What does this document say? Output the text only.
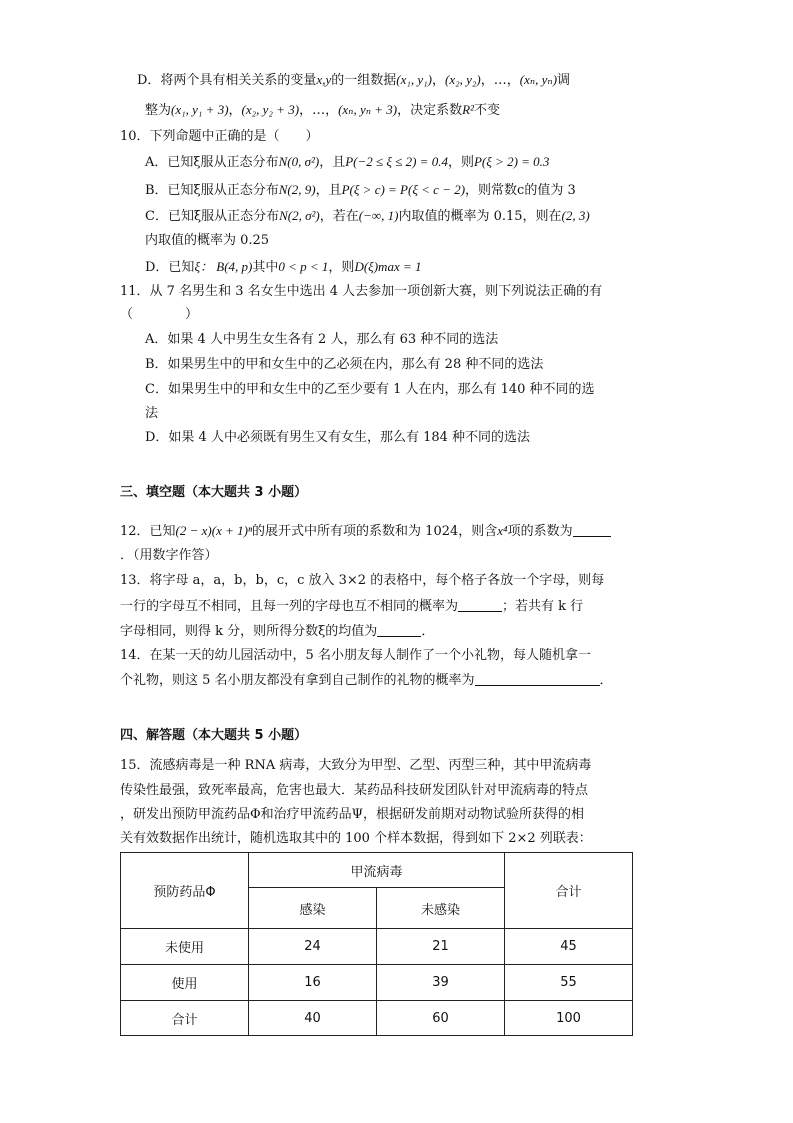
D．将两个具有相关关系的变量x,y的一组数据(x₁, y₁)，(x₂, y₂)，…，(xₙ, yₙ)调
整为(x₁, y₁ + 3)，(x₂, y₂ + 3)，…，(xₙ, yₙ + 3)，决定系数R²不变
10．下列命题中正确的是（　　）
A．已知ξ服从正态分布N(0, σ²)，且P(−2 ≤ ξ ≤ 2) = 0.4，则P(ξ > 2) = 0.3
B．已知ξ服从正态分布N(2, 9)，且P(ξ > c) = P(ξ < c − 2)，则常数c的值为 3
C．已知ξ服从正态分布N(2, σ²)，若在(−∞, 1)内取值的概率为 0.15，则在(2, 3)
内取值的概率为 0.25
D．已知ξ： B(4, p)其中0 < p < 1，则D(ξ)max = 1
11．从 7 名男生和 3 名女生中选出 4 人去参加一项创新大赛，则下列说法正确的有
（　　　　）
A．如果 4 人中男生女生各有 2 人，那么有 63 种不同的选法
B．如果男生中的甲和女生中的乙必须在内，那么有 28 种不同的选法
C．如果男生中的甲和女生中的乙至少要有 1 人在内，那么有 140 种不同的选
法
D．如果 4 人中必须既有男生又有女生，那么有 184 种不同的选法
三、填空题（本大题共 3 小题）
12．已知(2 − x)(x + 1)ⁿ的展开式中所有项的系数和为 1024，则含x⁴项的系数为
．（用数字作答）
13．将字母 a，a，b，b，c，c 放入 3×2 的表格中，每个格子各放一个字母，则每
一行的字母互不相同，且每一列的字母也互不相同的概率为	；若共有 k 行
字母相同，则得 k 分，则所得分数ξ的均值为	．
14．在某一天的幼儿园活动中，5 名小朋友每人制作了一个小礼物，每人随机拿一
个礼物，则这 5 名小朋友都没有拿到自己制作的礼物的概率为	．
四、解答题（本大题共 5 小题）
15．流感病毒是一种 RNA 病毒，大致分为甲型、乙型、丙型三种，其中甲流病毒
传染性最强，致死率最高，危害也最大．某药品科技研发团队针对甲流病毒的特点
，研发出预防甲流药品Φ和治疗甲流药品Ψ，根据研发前期对动物试验所获得的相
关有效数据作出统计，随机选取其中的 100 个样本数据，得到如下 2×2 列联表：
预防药品Φ	甲流病毒		合计
	感染	未感染	
未使用	24	21	45
使用	16	39	55
合计	40	60	100
